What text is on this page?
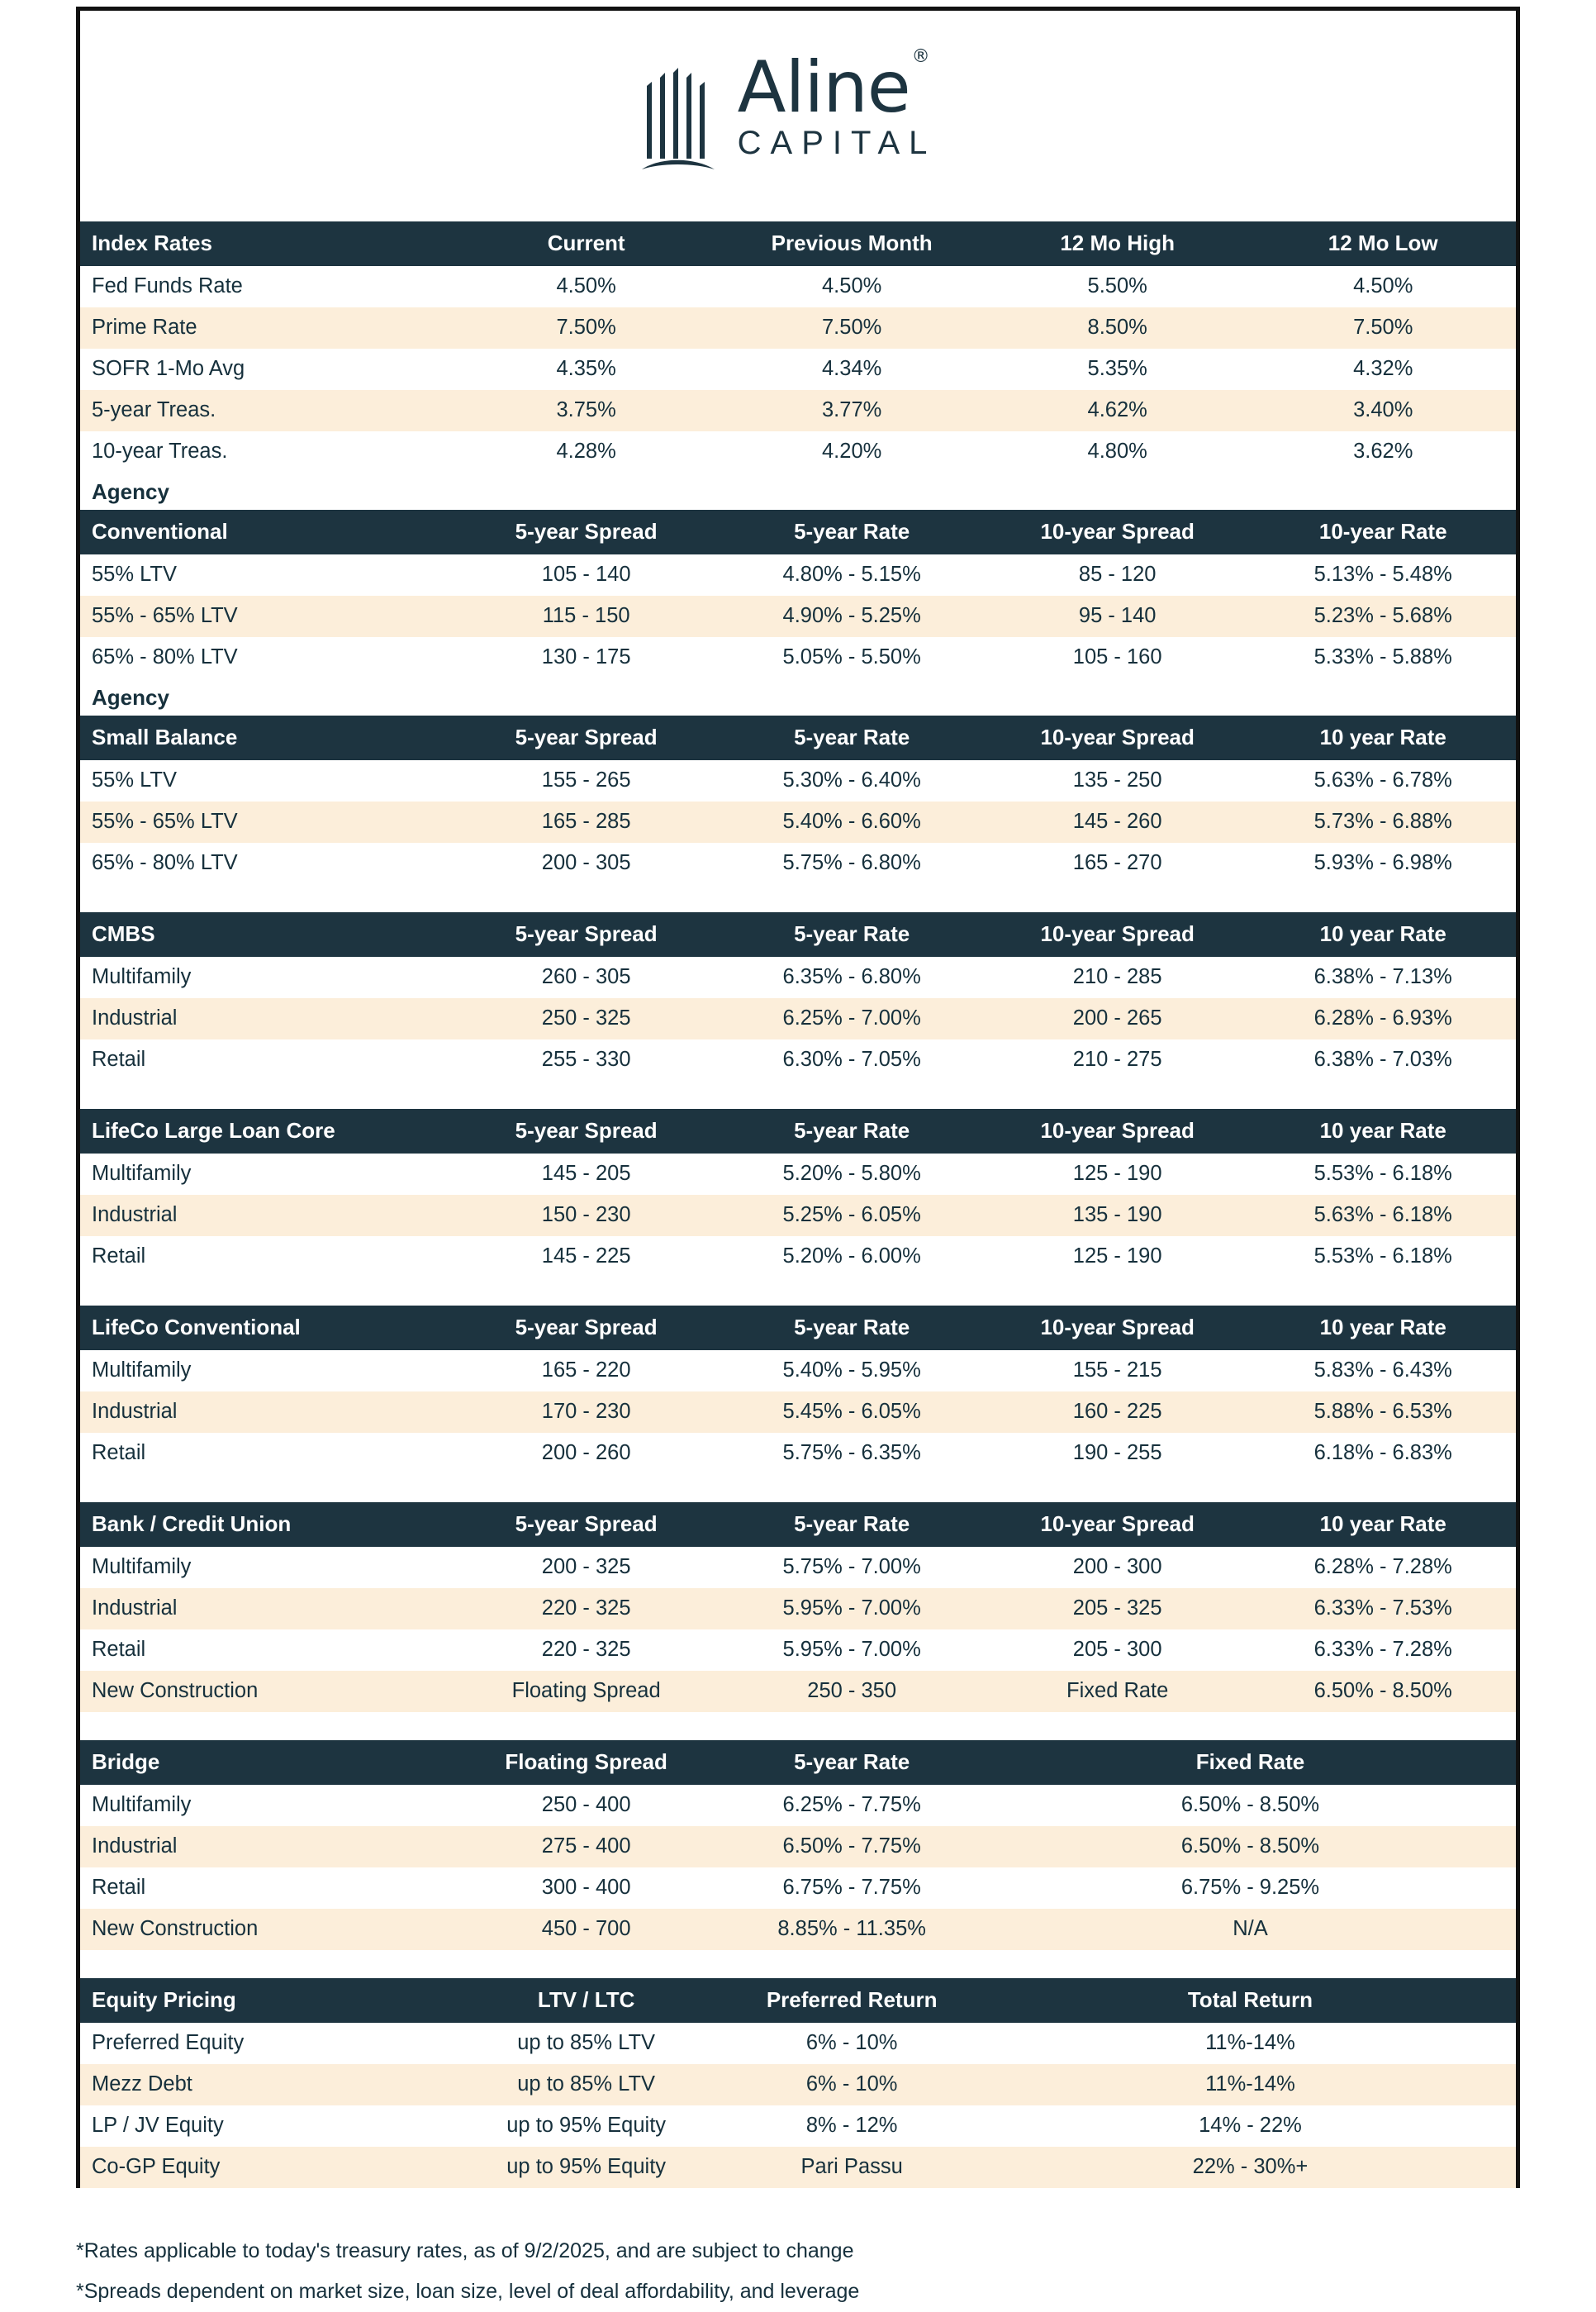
Aline®
CAPITAL
Index Rates	Current	Previous Month	12 Mo High	12 Mo Low
Fed Funds Rate	4.50%	4.50%	5.50%	4.50%
Prime Rate	7.50%	7.50%	8.50%	7.50%
SOFR 1-Mo Avg	4.35%	4.34%	5.35%	4.32%
5-year Treas.	3.75%	3.77%	4.62%	3.40%
10-year Treas.	4.28%	4.20%	4.80%	3.62%
Agency				
Conventional	5-year Spread	5-year Rate	10-year Spread	10-year Rate
55% LTV	105 - 140	4.80% - 5.15%	85 - 120	5.13% - 5.48%
55% - 65% LTV	115 - 150	4.90% - 5.25%	95 - 140	5.23% - 5.68%
65% - 80% LTV	130 - 175	5.05% - 5.50%	105 - 160	5.33% - 5.88%
Agency				
Small Balance	5-year Spread	5-year Rate	10-year Spread	10 year Rate
55% LTV	155 - 265	5.30% - 6.40%	135 - 250	5.63% - 6.78%
55% - 65% LTV	165 - 285	5.40% - 6.60%	145 - 260	5.73% - 6.88%
65% - 80% LTV	200 - 305	5.75% - 6.80%	165 - 270	5.93% - 6.98%

CMBS	5-year Spread	5-year Rate	10-year Spread	10 year Rate
Multifamily	260 - 305	6.35% - 6.80%	210 - 285	6.38% - 7.13%
Industrial	250 - 325	6.25% - 7.00%	200 - 265	6.28% - 6.93%
Retail	255 - 330	6.30% - 7.05%	210 - 275	6.38% - 7.03%

LifeCo Large Loan Core	5-year Spread	5-year Rate	10-year Spread	10 year Rate
Multifamily	145 - 205	5.20% - 5.80%	125 - 190	5.53% - 6.18%
Industrial	150 - 230	5.25% - 6.05%	135 - 190	5.63% - 6.18%
Retail	145 - 225	5.20% - 6.00%	125 - 190	5.53% - 6.18%

LifeCo Conventional	5-year Spread	5-year Rate	10-year Spread	10 year Rate
Multifamily	165 - 220	5.40% - 5.95%	155 - 215	5.83% - 6.43%
Industrial	170 - 230	5.45% - 6.05%	160 - 225	5.88% - 6.53%
Retail	200 - 260	5.75% - 6.35%	190 - 255	6.18% - 6.83%

Bank / Credit Union	5-year Spread	5-year Rate	10-year Spread	10 year Rate
Multifamily	200 - 325	5.75% - 7.00%	200 - 300	6.28% - 7.28%
Industrial	220 - 325	5.95% - 7.00%	205 - 325	6.33% - 7.53%
Retail	220 - 325	5.95% - 7.00%	205 - 300	6.33% - 7.28%
New Construction	Floating Spread	250 - 350	Fixed Rate	6.50% - 8.50%

Bridge	Floating Spread	5-year Rate	Fixed Rate
Multifamily	250 - 400	6.25% - 7.75%	6.50% - 8.50%
Industrial	275 - 400	6.50% - 7.75%	6.50% - 8.50%
Retail	300 - 400	6.75% - 7.75%	6.75% - 9.25%
New Construction	450 - 700	8.85% - 11.35%	N/A

Equity Pricing	LTV / LTC	Preferred Return	Total Return
Preferred Equity	up to 85% LTV	6% - 10%	11%-14%
Mezz Debt	up to 85% LTV	6% - 10%	11%-14%
LP / JV Equity	up to 95% Equity	8% - 12%	14% - 22%
Co-GP Equity	up to 95% Equity	Pari Passu	22% - 30%+
*Rates applicable to today's treasury rates, as of 9/2/2025, and are subject to change
*Spreads dependent on market size, loan size, level of deal affordability, and leverage
